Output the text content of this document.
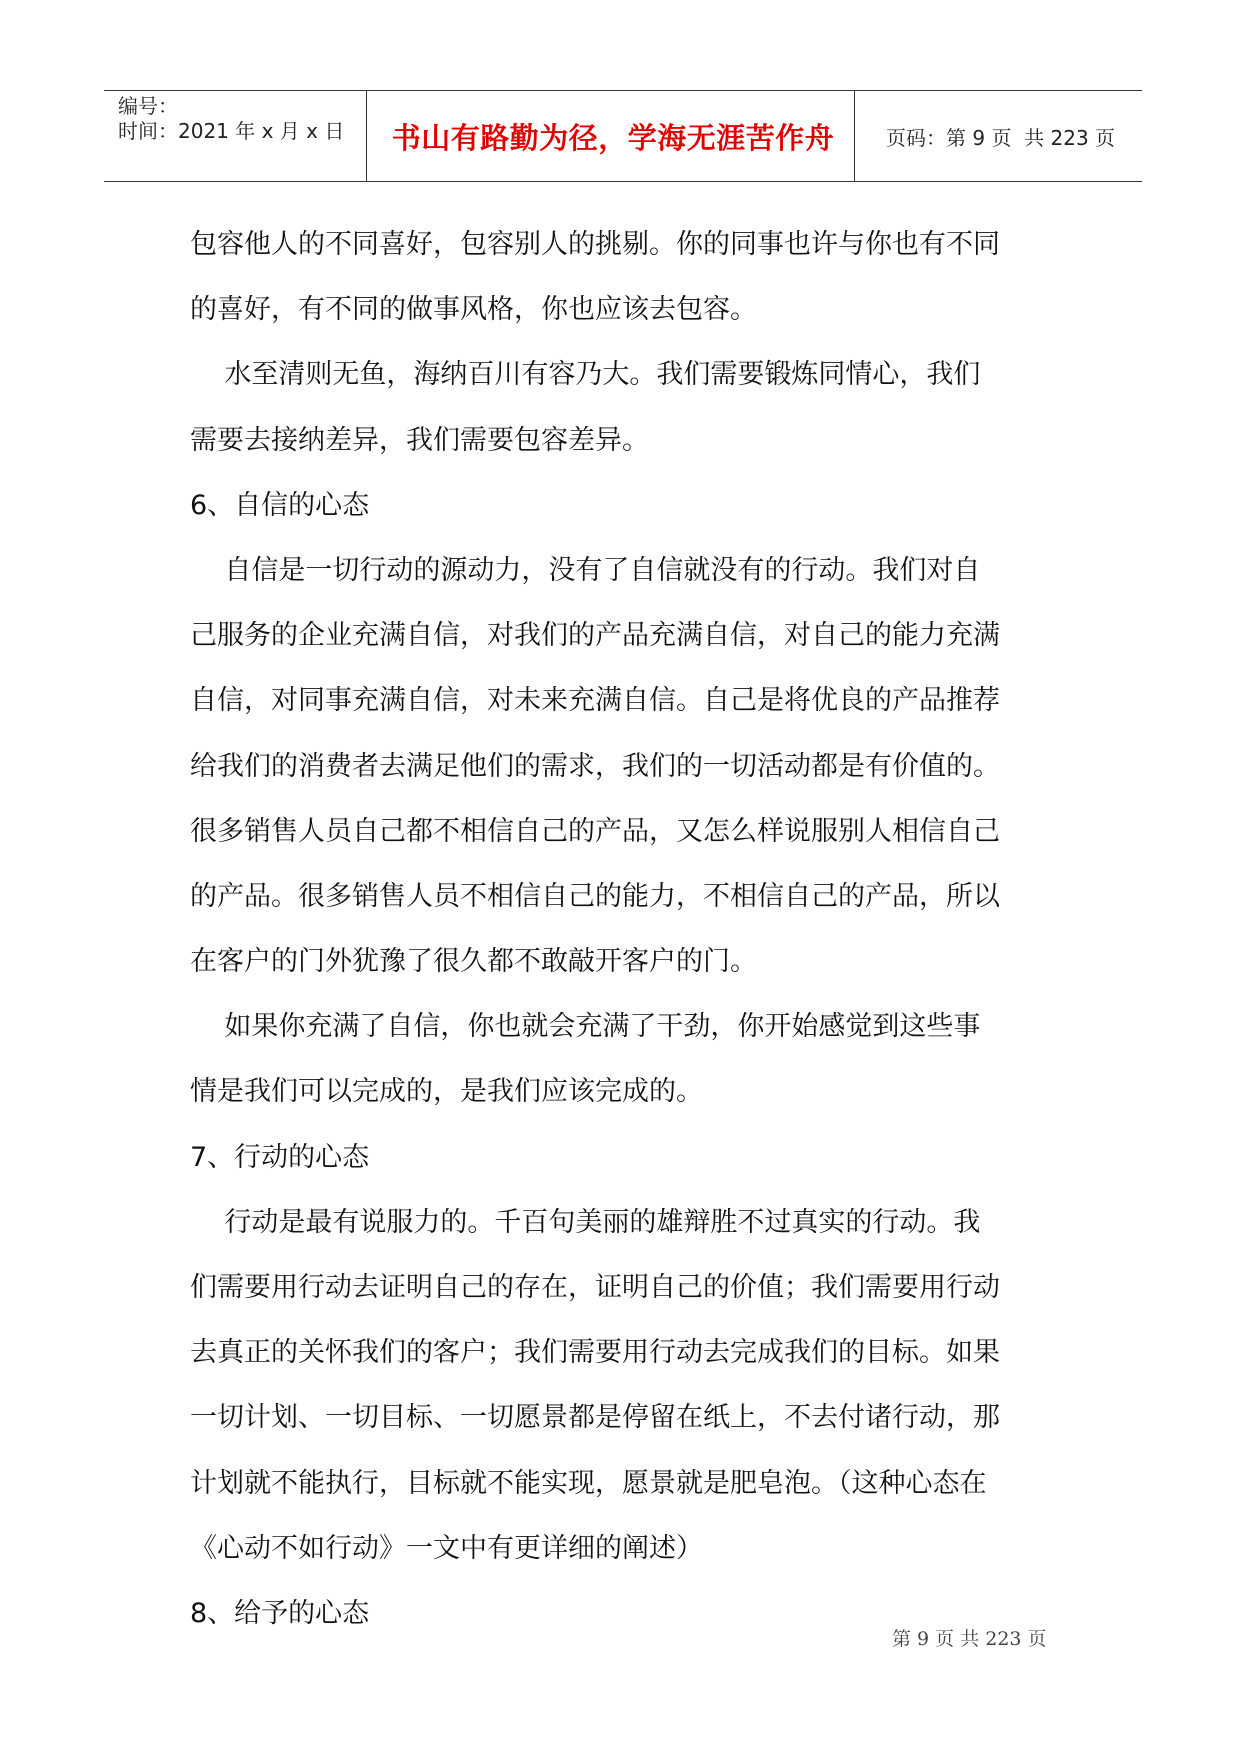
编号：
时间：2021 年 x 月 x 日	书山有路勤为径，学海无涯苦作舟	页码：第 9 页  共 223 页
包容他人的不同喜好，包容别人的挑剔。你的同事也许与你也有不同
的喜好，有不同的做事风格，你也应该去包容。
水至清则无鱼，海纳百川有容乃大。我们需要锻炼同情心，我们
需要去接纳差异，我们需要包容差异。
6、自信的心态
自信是一切行动的源动力，没有了自信就没有的行动。我们对自
己服务的企业充满自信，对我们的产品充满自信，对自己的能力充满
自信，对同事充满自信，对未来充满自信。自己是将优良的产品推荐
给我们的消费者去满足他们的需求，我们的一切活动都是有价值的。
很多销售人员自己都不相信自己的产品，又怎么样说服别人相信自己
的产品。很多销售人员不相信自己的能力，不相信自己的产品，所以
在客户的门外犹豫了很久都不敢敲开客户的门。
如果你充满了自信，你也就会充满了干劲，你开始感觉到这些事
情是我们可以完成的，是我们应该完成的。
7、行动的心态
行动是最有说服力的。千百句美丽的雄辩胜不过真实的行动。我
们需要用行动去证明自己的存在，证明自己的价值；我们需要用行动
去真正的关怀我们的客户；我们需要用行动去完成我们的目标。如果
一切计划、一切目标、一切愿景都是停留在纸上，不去付诸行动，那
计划就不能执行，目标就不能实现，愿景就是肥皂泡。（这种心态在
《心动不如行动》一文中有更详细的阐述）
8、给予的心态
第 9 页 共 223 页
